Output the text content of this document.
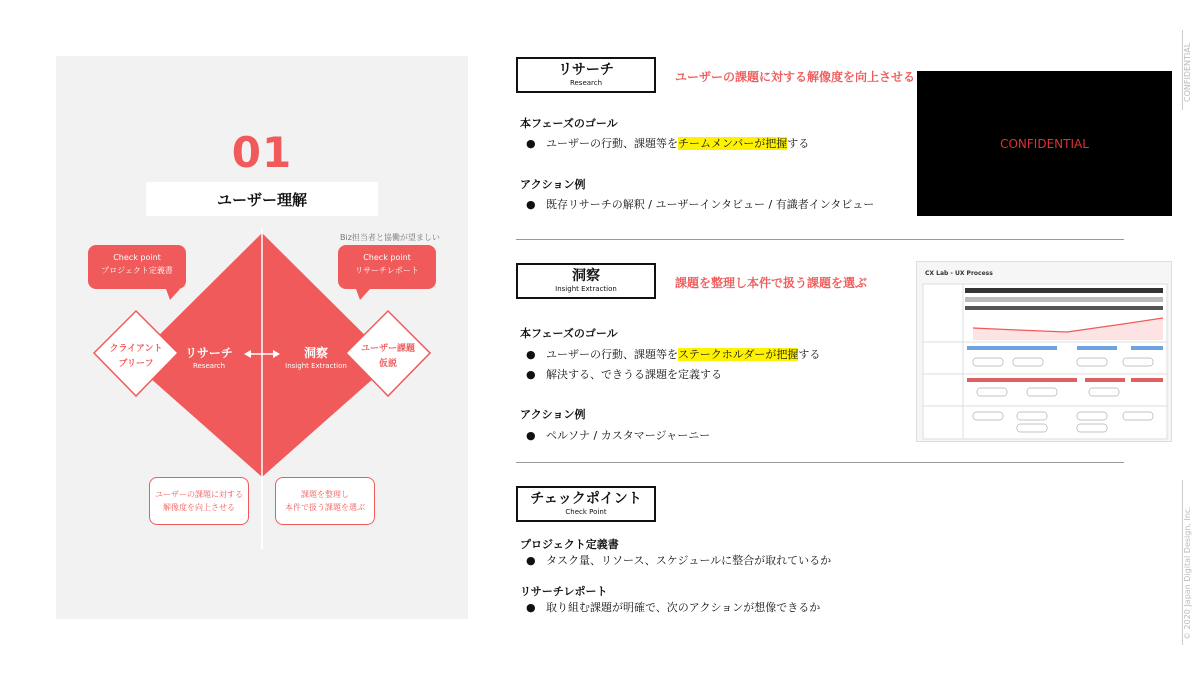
01
ユーザー理解
Biz担当者と協働が望ましい
Check point
プロジェクト定義書
Check point
リサーチレポート
クライアント
ブリーフ
ユーザー課題
仮説
リサーチ
Research
洞察
Insight Extraction
ユーザーの課題に対する
解像度を向上させる
課題を整理し
本件で扱う課題を選ぶ
リサーチ
Research	ユーザーの課題に対する解像度を向上させる
本フェーズのゴール
● ユーザーの行動、課題等をチームメンバーが把握する
アクション例
● 既存リサーチの解釈 / ユーザーインタビュー / 有識者インタビュー
CONFIDENTIAL
洞察
Insight Extraction	課題を整理し本件で扱う課題を選ぶ
本フェーズのゴール
● ユーザーの行動、課題等をステークホルダーが把握する
● 解決する、できうる課題を定義する
アクション例
● ペルソナ / カスタマージャーニー
CX Lab - UX Process
チェックポイント
Check Point
プロジェクト定義書
● タスク量、リソース、スケジュールに整合が取れているか
リサーチレポート
● 取り組む課題が明確で、次のアクションが想像できるか
CONFIDENTIAL
© 2020 Japan Digital Design, Inc.
